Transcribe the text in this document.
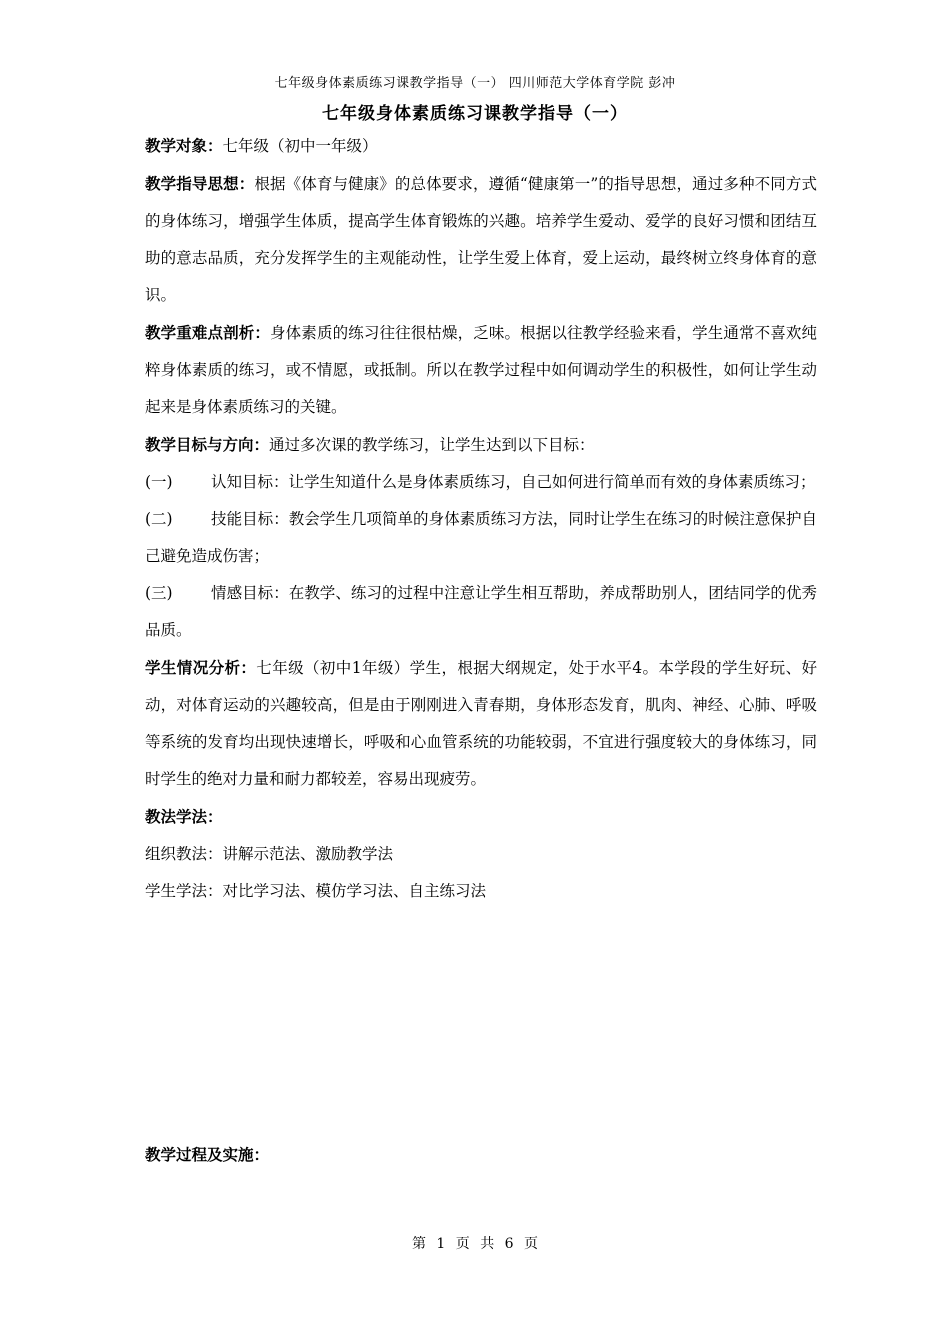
七年级身体素质练习课教学指导（一） 四川师范大学体育学院 彭冲
七年级身体素质练习课教学指导（一）

教学对象：七年级（初中一年级）

教学指导思想：根据《体育与健康》的总体要求，遵循“健康第一”的指导思想，通过多种不同方式的身体练习，增强学生体质，提高学生体育锻炼的兴趣。培养学生爱动、爱学的良好习惯和团结互助的意志品质，充分发挥学生的主观能动性，让学生爱上体育，爱上运动，最终树立终身体育的意识。

教学重难点剖析：身体素质的练习往往很枯燥，乏味。根据以往教学经验来看，学生通常不喜欢纯粹身体素质的练习，或不情愿，或抵制。所以在教学过程中如何调动学生的积极性，如何让学生动起来是身体素质练习的关键。

教学目标与方向：通过多次课的教学练习，让学生达到以下目标：

(一) 认知目标：让学生知道什么是身体素质练习，自己如何进行简单而有效的身体素质练习；

(二) 技能目标：教会学生几项简单的身体素质练习方法，同时让学生在练习的时候注意保护自己避免造成伤害；

(三) 情感目标：在教学、练习的过程中注意让学生相互帮助，养成帮助别人，团结同学的优秀品质。

学生情况分析：七年级（初中1年级）学生，根据大纲规定，处于水平4。本学段的学生好玩、好动，对体育运动的兴趣较高，但是由于刚刚进入青春期，身体形态发育，肌肉、神经、心肺、呼吸等系统的发育均出现快速增长，呼吸和心血管系统的功能较弱，不宜进行强度较大的身体练习，同时学生的绝对力量和耐力都较差，容易出现疲劳。

教法学法：

组织教法：讲解示范法、激励教学法

学生学法：对比学习法、模仿学习法、自主练习法

教学过程及实施：

第 1 页 共 6 页
